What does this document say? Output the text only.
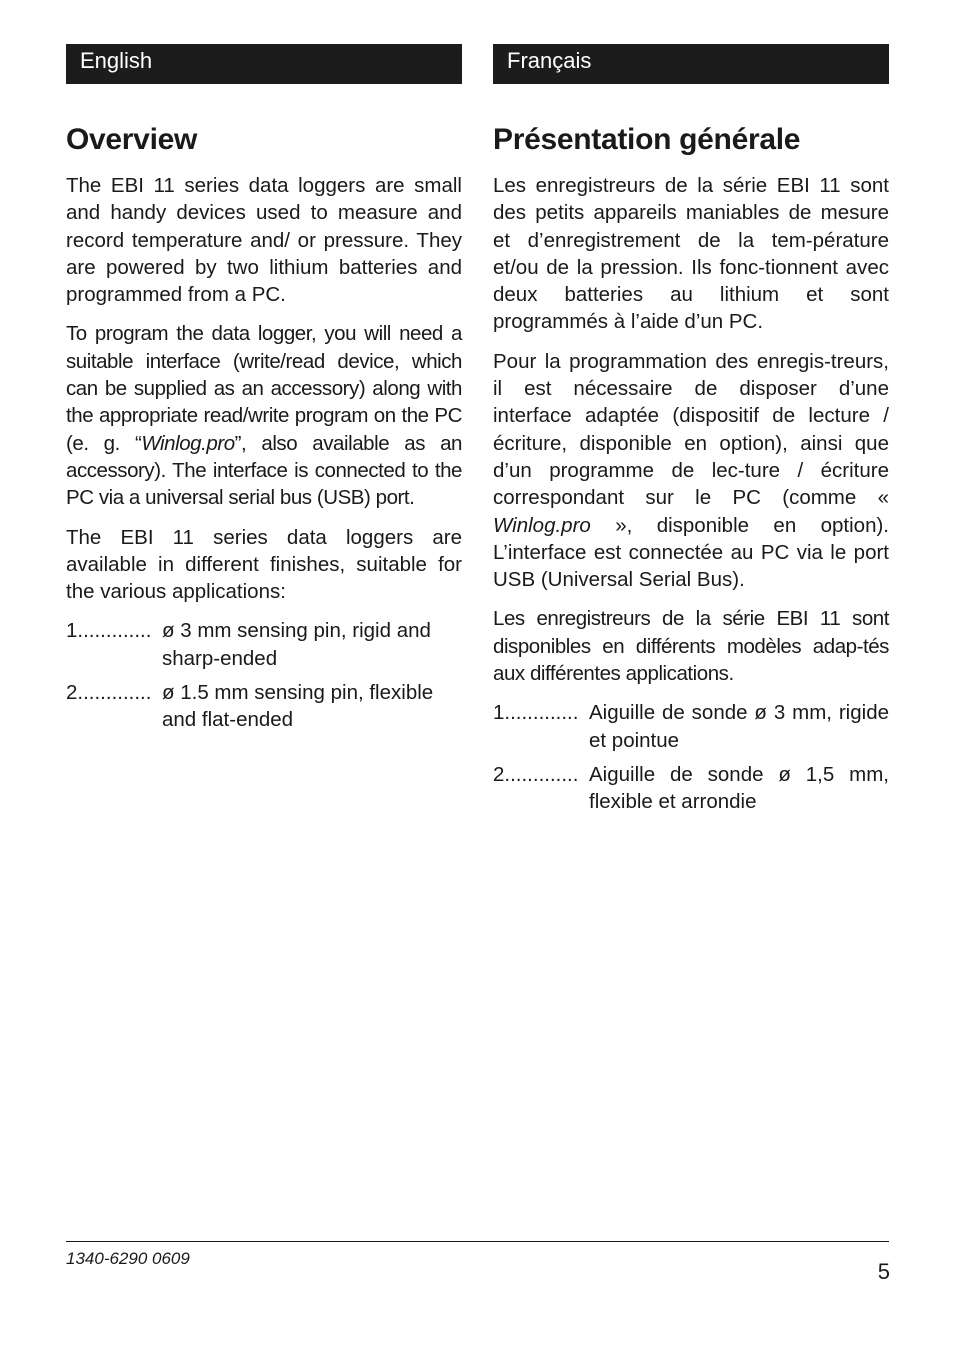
English
Overview

The EBI 11 series data loggers are small and handy devices used to measure and record temperature and/ or pressure. They are powered by two lithium batteries and programmed from a PC.

To program the data logger, you will need a suitable interface (write/read device, which can be supplied as an accessory) along with the appropriate read/write program on the PC (e. g. “Winlog.pro”, also available as an accessory). The interface is connected to the PC via a universal serial bus (USB) port.

The EBI 11 series data loggers are available in different finishes, suitable for the various applications:

1............. ø 3 mm sensing pin, rigid and sharp-ended
2............. ø 1.5 mm sensing pin, flexible and flat-ended
Français
Présentation générale

Les enregistreurs de la série EBI 11 sont des petits appareils maniables de mesure et d’enregistrement de la tem-pérature et/ou de la pression. Ils fonc-tionnent avec deux batteries au lithium et sont programmés à l’aide d’un PC.

Pour la programmation des enregis-treurs, il est nécessaire de disposer d’une interface adaptée (dispositif de lecture / écriture, disponible en option), ainsi que d’un programme de lec-ture / écriture correspondant sur le PC (comme « Winlog.pro », disponible en option). L’interface est connectée au PC via le port USB (Universal Serial Bus).

Les enregistreurs de la série EBI 11 sont disponibles en différents modèles adap-tés aux différentes applications.

1............. Aiguille de sonde ø 3 mm, rigide et pointue
2............. Aiguille de sonde ø 1,5 mm, flexible et arrondie
1340-6290 0609
5
